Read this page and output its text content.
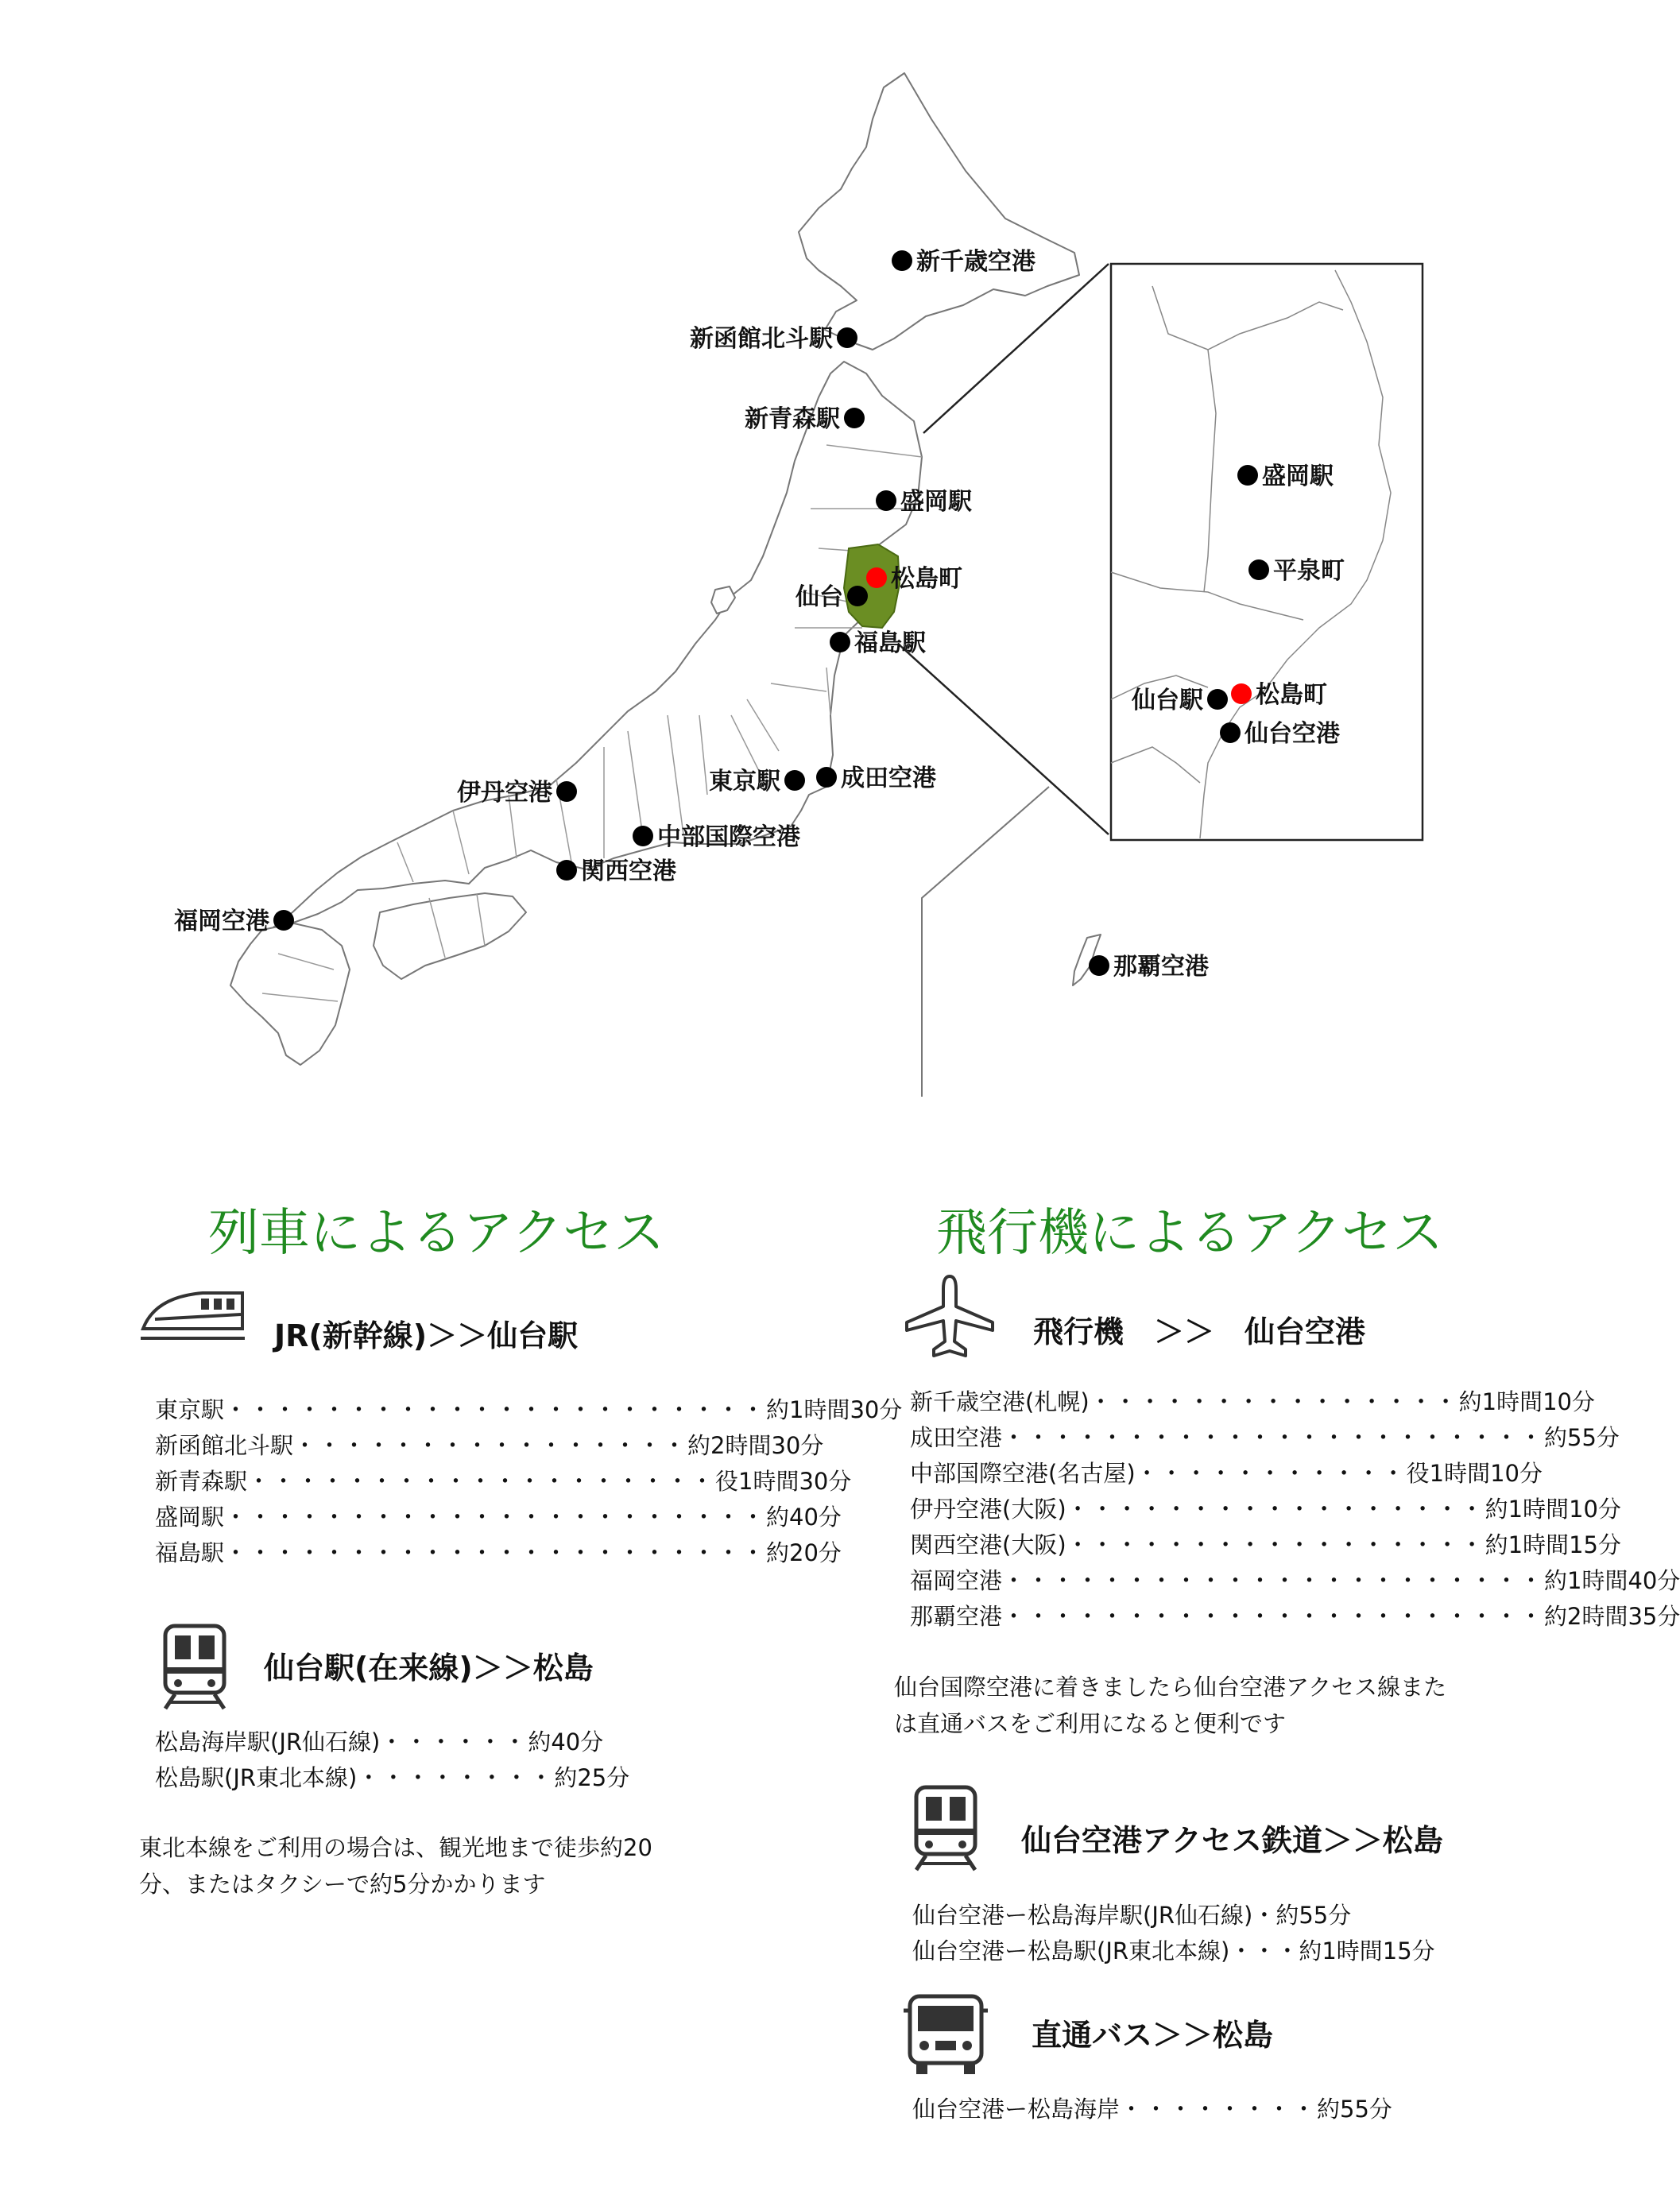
新千歳空港
新函館北斗駅
新青森駅
盛岡駅
松島町
仙台
福島駅
東京駅	成田空港
伊丹空港
中部国際空港
関西空港
福岡空港
那覇空港
盛岡駅
平泉町
松島町
仙台駅
仙台空港
列車によるアクセス
JR(新幹線)＞＞仙台駅
東京駅 ・・・・・・・・・・・・・・・・・・・・・・ 約1時間30分
新函館北斗駅 ・・・・・・・・・・・・・・・・ 約2時間30分
新青森駅 ・・・・・・・・・・・・・・・・・・・ 役1時間30分
盛岡駅 ・・・・・・・・・・・・・・・・・・・・・・ 約40分
福島駅 ・・・・・・・・・・・・・・・・・・・・・・ 約20分
仙台駅(在来線)＞＞松島
松島海岸駅(JR仙石線) ・・・・・・ 約40分
松島駅(JR東北本線) ・・・・・・・・ 約25分
東北本線をご利用の場合は、観光地まで徒歩約20
分、またはタクシーで約5分かかります
飛行機によるアクセス
飛行機　＞＞　仙台空港
新千歳空港(札幌) ・・・・・・・・・・・・・・・ 約1時間10分
成田空港 ・・・・・・・・・・・・・・・・・・・・・・ 約55分
中部国際空港(名古屋) ・・・・・・・・・・・ 役1時間10分
伊丹空港(大阪) ・・・・・・・・・・・・・・・・・ 約1時間10分
関西空港(大阪) ・・・・・・・・・・・・・・・・・ 約1時間15分
福岡空港 ・・・・・・・・・・・・・・・・・・・・・・ 約1時間40分
那覇空港 ・・・・・・・・・・・・・・・・・・・・・・ 約2時間35分
仙台国際空港に着きましたら仙台空港アクセス線また
は直通バスをご利用になると便利です
仙台空港アクセス鉄道＞＞松島
仙台空港ー松島海岸駅(JR仙石線)・約55分
仙台空港ー松島駅(JR東北本線)・・・約1時間15分
直通バス＞＞松島
仙台空港ー松島海岸 ・・・・・・・・ 約55分
